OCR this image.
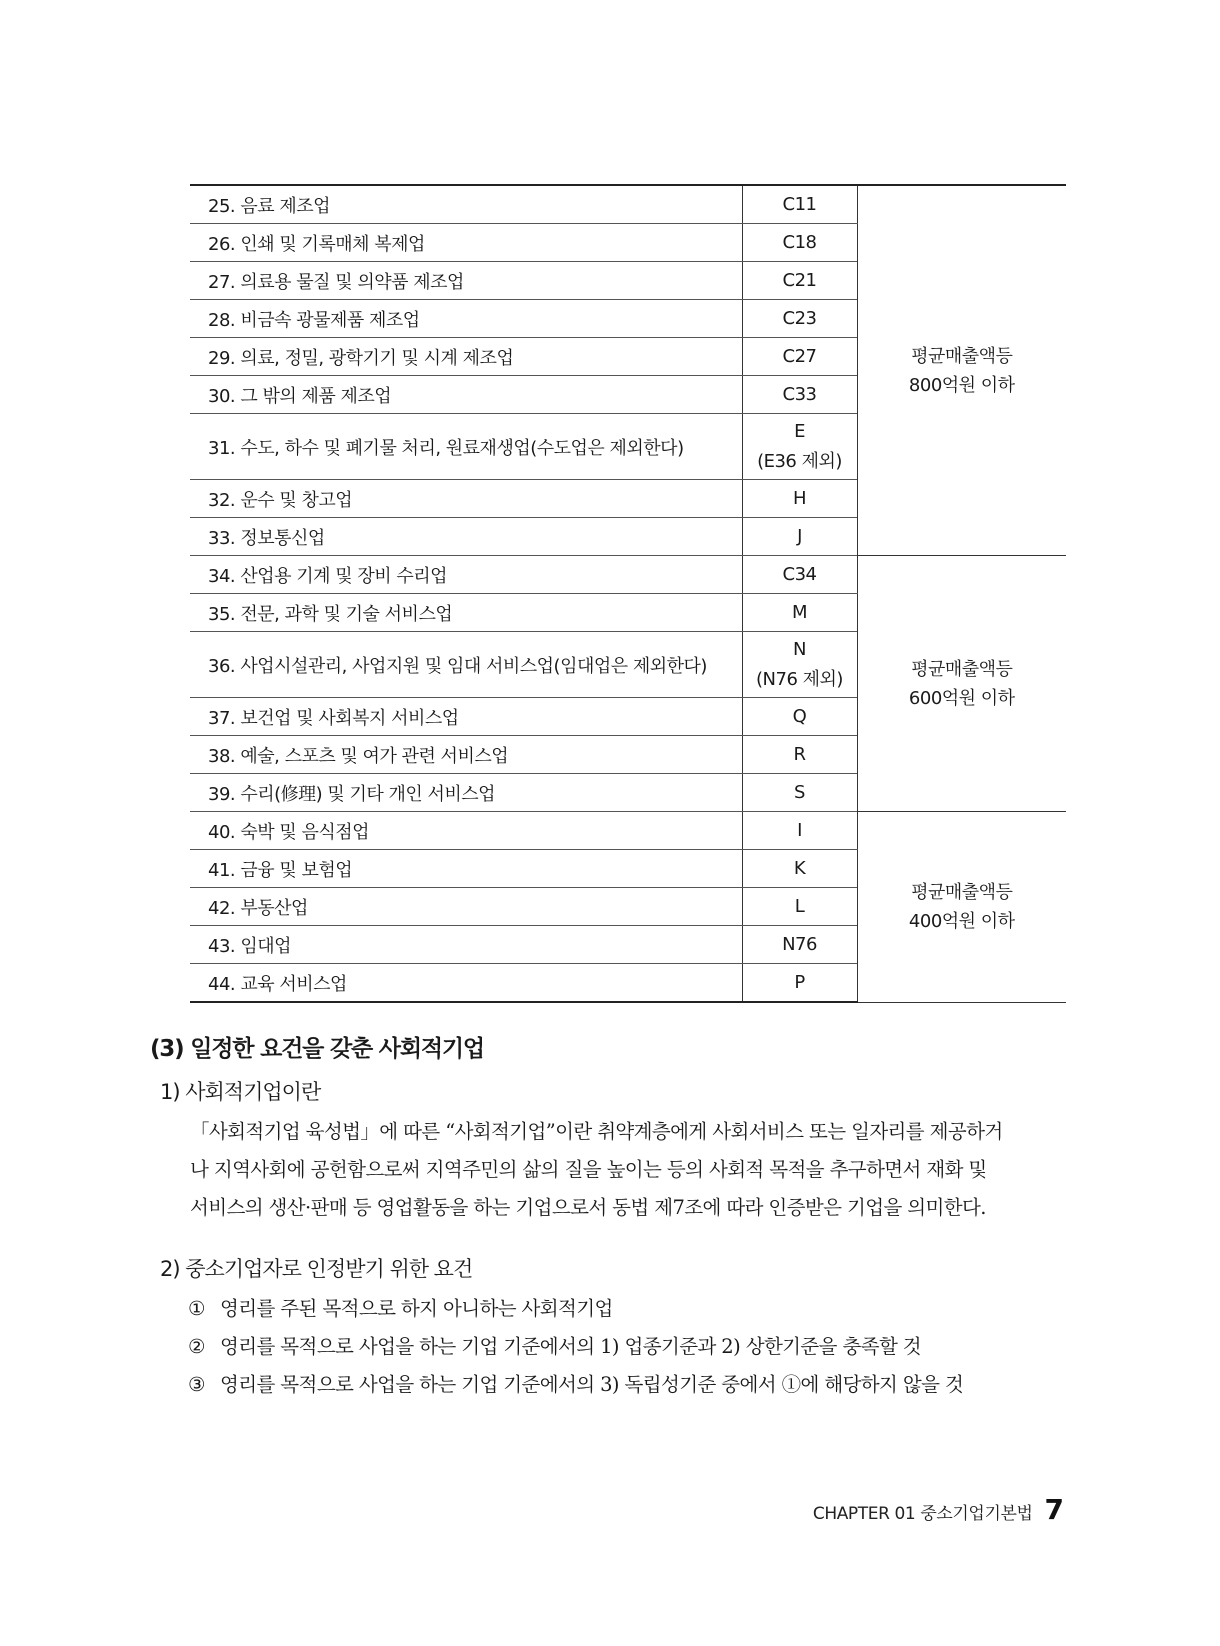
25. 음료 제조업	C11	평균매출액등
800억원 이하

26. 인쇄 및 기록매체 복제업	C18	

27. 의료용 물질 및 의약품 제조업	C21	

28. 비금속 광물제품 제조업	C23	

29. 의료, 정밀, 광학기기 및 시계 제조업	C27	

30. 그 밖의 제품 제조업	C33	

31. 수도, 하수 및 폐기물 처리, 원료재생업(수도업은 제외한다)	E
(E36 제외)	

32. 운수 및 창고업	H	

33. 정보통신업	J	

34. 산업용 기계 및 장비 수리업	C34	평균매출액등
600억원 이하

35. 전문, 과학 및 기술 서비스업	M	

36. 사업시설관리, 사업지원 및 임대 서비스업(임대업은 제외한다)	N
(N76 제외)	

37. 보건업 및 사회복지 서비스업	Q	

38. 예술, 스포츠 및 여가 관련 서비스업	R	

39. 수리(修理) 및 기타 개인 서비스업	S	

40. 숙박 및 음식점업	I	평균매출액등
400억원 이하

41. 금융 및 보험업	K	

42. 부동산업	L	

43. 임대업	N76	

44. 교육 서비스업	P	
(3) 일정한 요건을 갖춘 사회적기업
1) 사회적기업이란

「사회적기업 육성법」에 따른 “사회적기업”이란 취약계층에게 사회서비스 또는 일자리를 제공하거

나 지역사회에 공헌함으로써 지역주민의 삶의 질을 높이는 등의 사회적 목적을 추구하면서 재화 및

서비스의 생산·판매 등 영업활동을 하는 기업으로서 동법 제7조에 따라 인증받은 기업을 의미한다.

2) 중소기업자로 인정받기 위한 요건
① 영리를 주된 목적으로 하지 아니하는 사회적기업
② 영리를 목적으로 사업을 하는 기업 기준에서의 1) 업종기준과 2) 상한기준을 충족할 것
③ 영리를 목적으로 사업을 하는 기업 기준에서의 3) 독립성기준 중에서 ①에 해당하지 않을 것
CHAPTER 01 중소기업기본법 7
